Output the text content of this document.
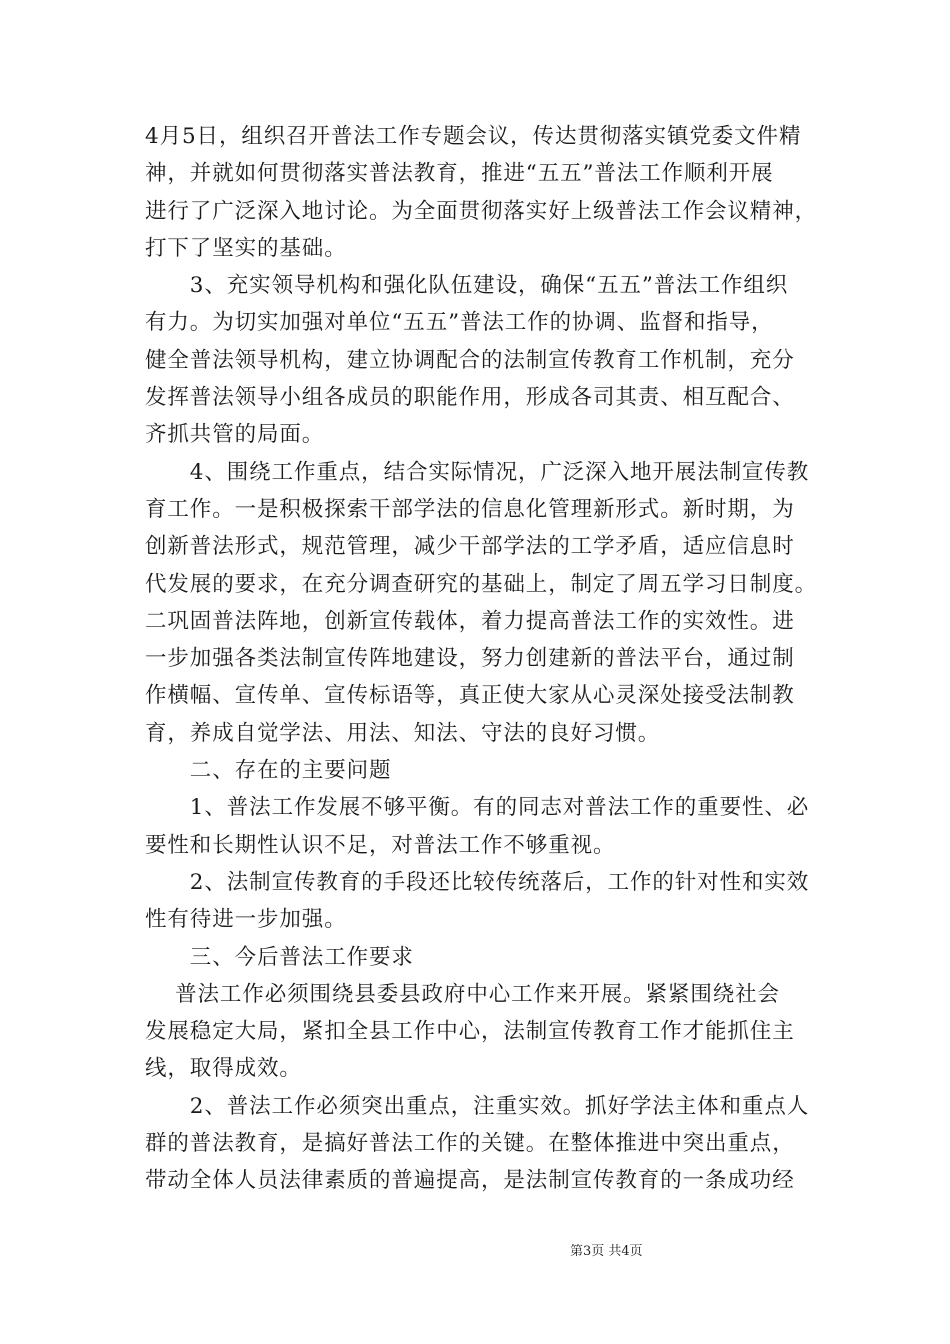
4月5日，组织召开普法工作专题会议，传达贯彻落实镇党委文件精
神，并就如何贯彻落实普法教育，推进“五五”普法工作顺利开展
进行了广泛深入地讨论。为全面贯彻落实好上级普法工作会议精神，
打下了坚实的基础。
　　3、充实领导机构和强化队伍建设，确保“五五”普法工作组织
有力。为切实加强对单位“五五”普法工作的协调、监督和指导，
健全普法领导机构，建立协调配合的法制宣传教育工作机制，充分
发挥普法领导小组各成员的职能作用，形成各司其责、相互配合、
齐抓共管的局面。
　　4、围绕工作重点，结合实际情况，广泛深入地开展法制宣传教
育工作。一是积极探索干部学法的信息化管理新形式。新时期，为
创新普法形式，规范管理，减少干部学法的工学矛盾，适应信息时
代发展的要求，在充分调查研究的基础上，制定了周五学习日制度。
二巩固普法阵地，创新宣传载体，着力提高普法工作的实效性。进
一步加强各类法制宣传阵地建设，努力创建新的普法平台，通过制
作横幅、宣传单、宣传标语等，真正使大家从心灵深处接受法制教
育，养成自觉学法、用法、知法、守法的良好习惯。
　　二、存在的主要问题
　　1、普法工作发展不够平衡。有的同志对普法工作的重要性、必
要性和长期性认识不足，对普法工作不够重视。
　　2、法制宣传教育的手段还比较传统落后，工作的针对性和实效
性有待进一步加强。
　　三、今后普法工作要求
　 普法工作必须围绕县委县政府中心工作来开展。紧紧围绕社会
发展稳定大局，紧扣全县工作中心，法制宣传教育工作才能抓住主
线，取得成效。
　　2、普法工作必须突出重点，注重实效。抓好学法主体和重点人
群的普法教育，是搞好普法工作的关键。在整体推进中突出重点，
带动全体人员法律素质的普遍提高，是法制宣传教育的一条成功经
第3页 共4页
